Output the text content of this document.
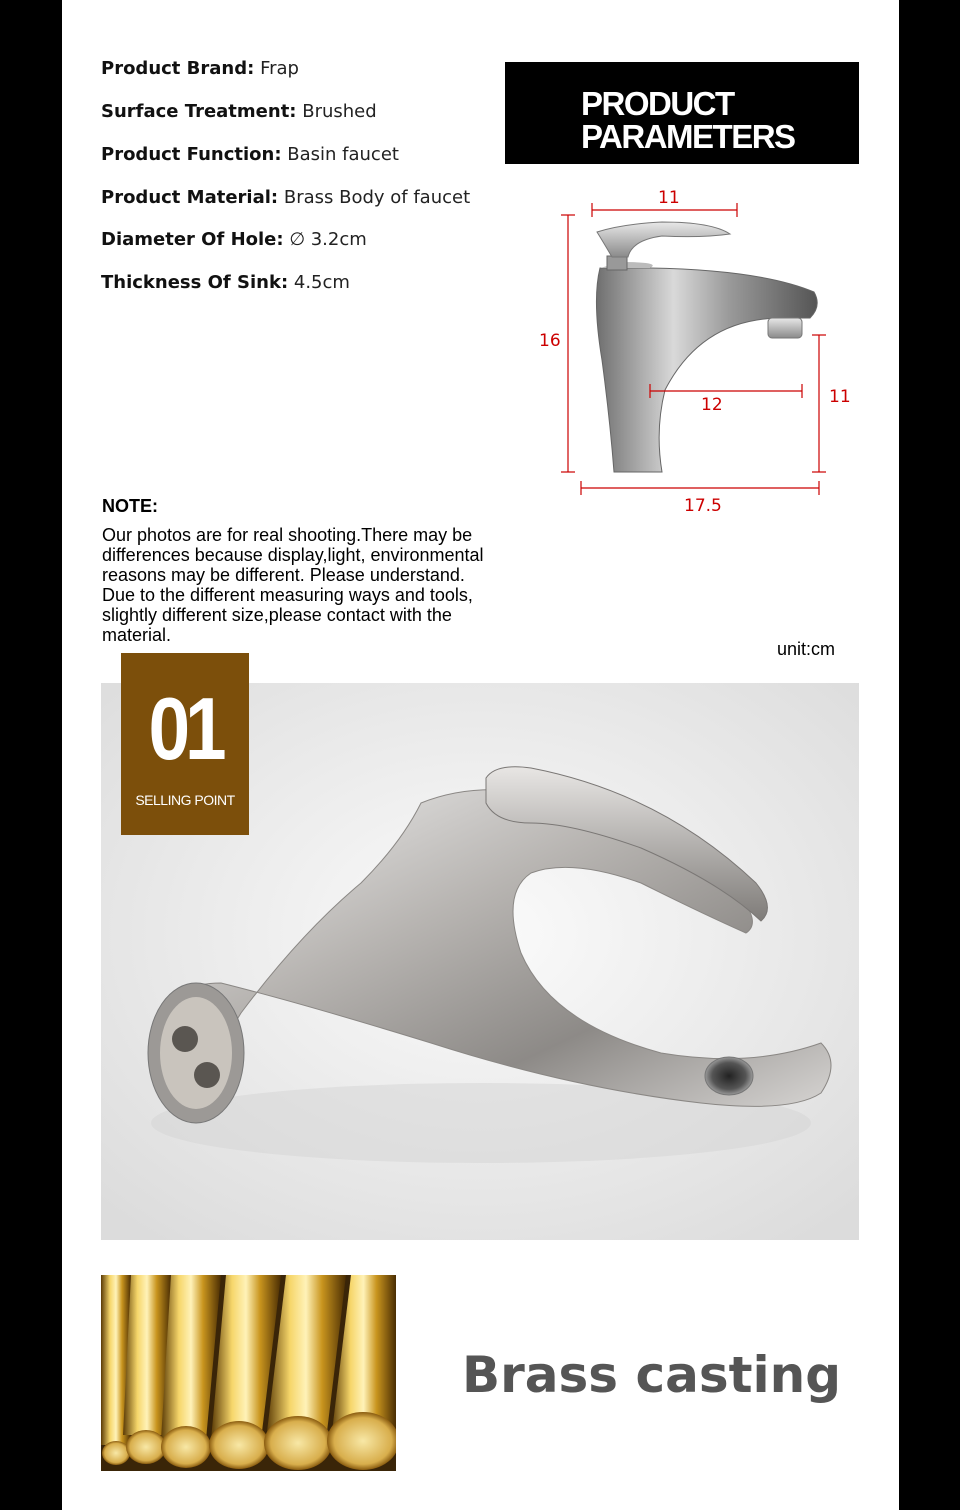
Product Brand: Frap
Surface Treatment: Brushed
Product Function: Basin faucet
Product Material: Brass Body of faucet
Diameter Of Hole: ∅ 3.2cm
Thickness Of Sink: 4.5cm
PRODUCT
PARAMETERS
11
16
12	11
17.5
NOTE:
Our photos are for real shooting.There may be
differences because display,light, environmental
reasons may be different. Please understand.
Due to the different measuring ways and tools,
slightly different size,please contact with the
material.
unit:cm
01
SELLING POINT
Brass casting
